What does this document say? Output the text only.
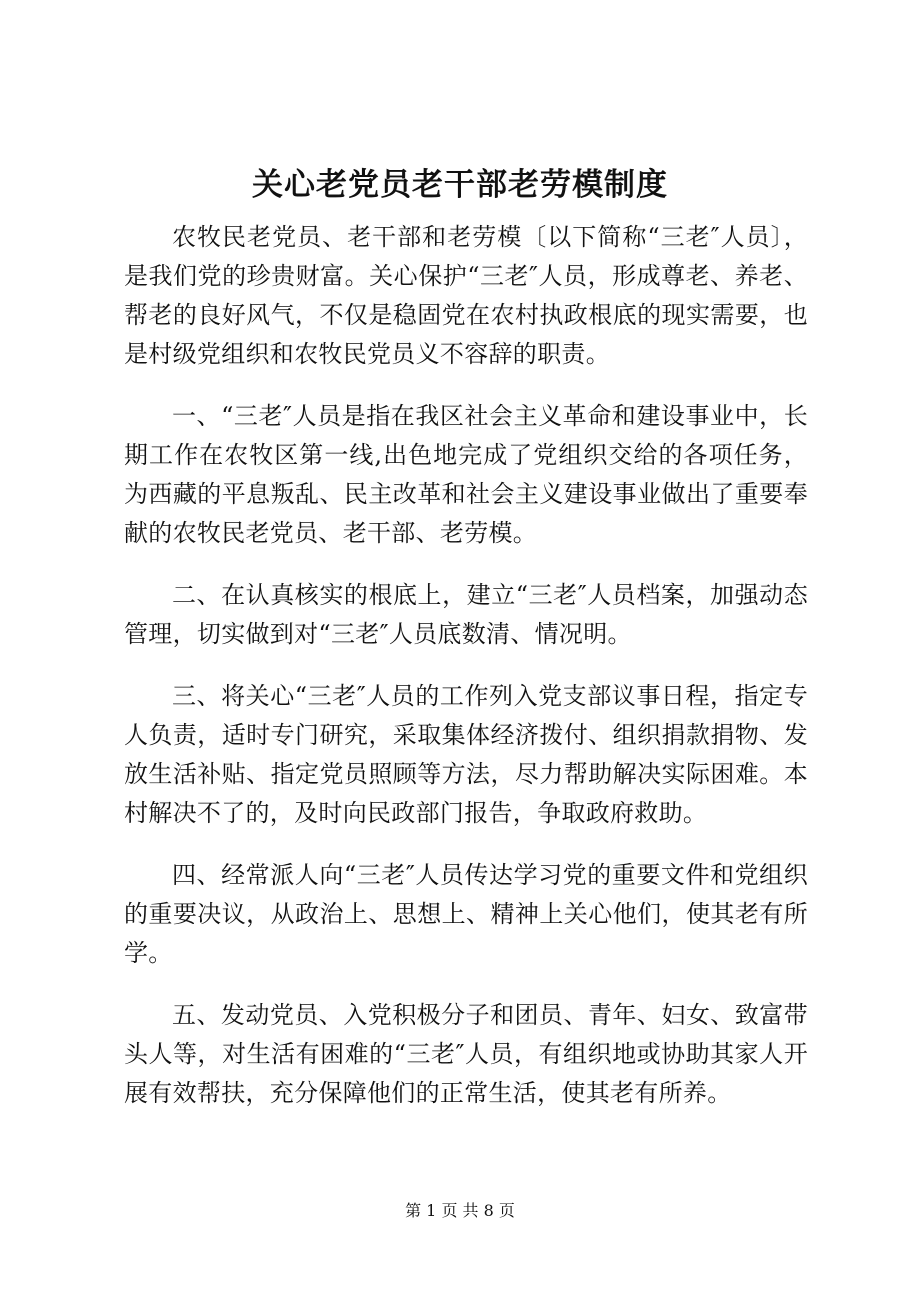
关心老党员老干部老劳模制度

农牧民老党员、老干部和老劳模〔以下简称“三老″人员〕，是我们党的珍贵财富。关心保护“三老″人员，形成尊老、养老、帮老的良好风气，不仅是稳固党在农村执政根底的现实需要，也是村级党组织和农牧民党员义不容辞的职责。

一、“三老″人员是指在我区社会主义革命和建设事业中，长期工作在农牧区第一线,出色地完成了党组织交给的各项任务，为西藏的平息叛乱、民主改革和社会主义建设事业做出了重要奉献的农牧民老党员、老干部、老劳模。

二、在认真核实的根底上，建立“三老″人员档案，加强动态管理，切实做到对“三老″人员底数清、情况明。

三、将关心“三老″人员的工作列入党支部议事日程，指定专人负责，适时专门研究，采取集体经济拨付、组织捐款捐物、发放生活补贴、指定党员照顾等方法，尽力帮助解决实际困难。本村解决不了的，及时向民政部门报告，争取政府救助。

四、经常派人向“三老″人员传达学习党的重要文件和党组织的重要决议，从政治上、思想上、精神上关心他们，使其老有所学。

五、发动党员、入党积极分子和团员、青年、妇女、致富带头人等，对生活有困难的“三老″人员，有组织地或协助其家人开展有效帮扶，充分保障他们的正常生活，使其老有所养。

第 1 页 共 8 页
